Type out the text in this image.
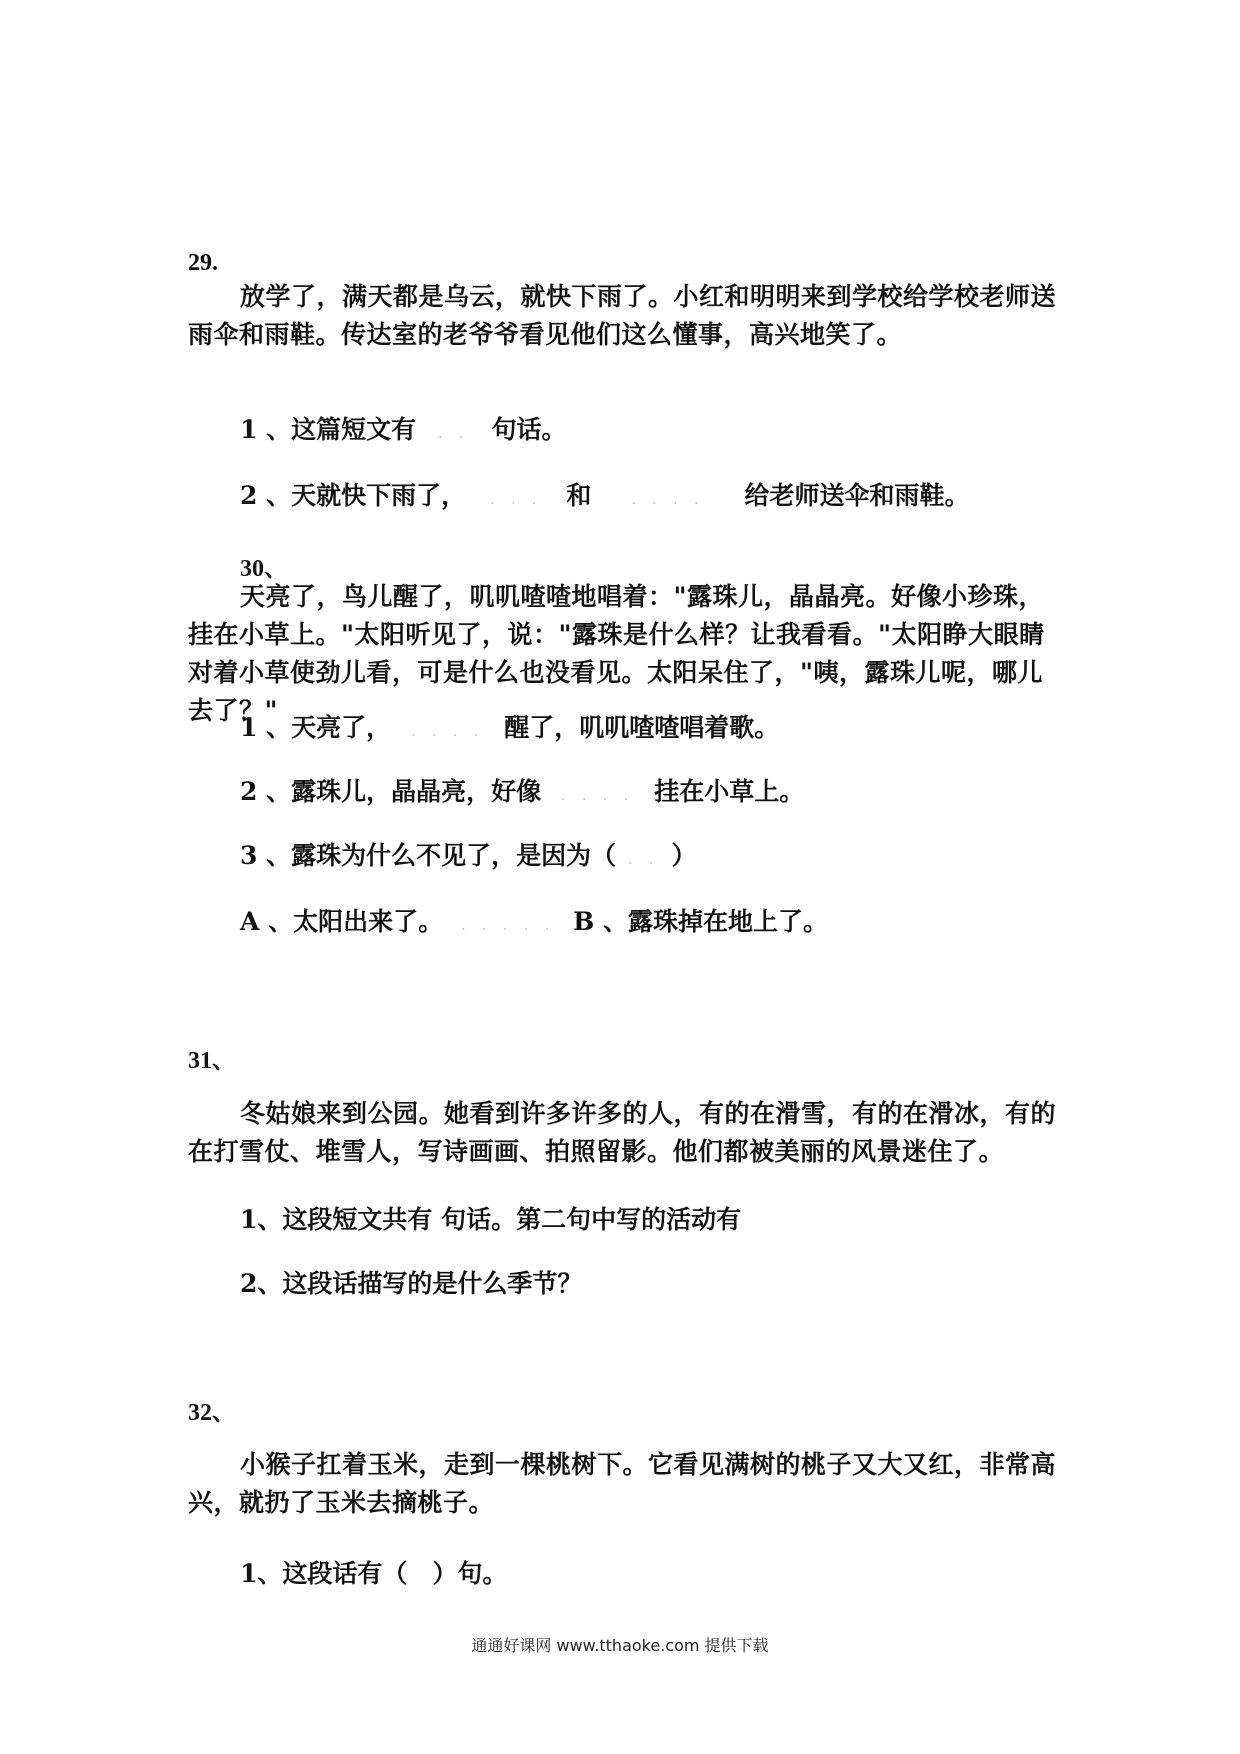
29.
放学了，满天都是乌云，就快下雨了。小红和明明来到学校给学校老师送雨伞和雨鞋。传达室的老爷爷看见他们这么懂事，高兴地笑了。
1 、这篇短文有 . . 句话。
2 、天就快下雨了， . . . 和	. . . . 给老师送伞和雨鞋。
30、
天亮了，鸟儿醒了，叽叽喳喳地唱着："露珠儿，晶晶亮。好像小珍珠，挂在小草上。"太阳听见了，说："露珠是什么样？让我看看。"太阳睁大眼睛对着小草使劲儿看，可是什么也没看见。太阳呆住了，"咦，露珠儿呢，哪儿去了？"
1 、天亮了， . . . . 醒了，叽叽喳喳唱着歌。
2 、露珠儿，晶晶亮，好像 . . . . 挂在小草上。
3 、露珠为什么不见了，是因为（ . . ）
A 、太阳出来了。 . . . . . B 、露珠掉在地上了。
31、
冬姑娘来到公园。她看到许多许多的人，有的在滑雪，有的在滑冰，有的在打雪仗、堆雪人，写诗画画、拍照留影。他们都被美丽的风景迷住了。
1、这段短文共有 句话。第二句中写的活动有
2、这段话描写的是什么季节？
32、
小猴子扛着玉米，走到一棵桃树下。它看见满树的桃子又大又红，非常高兴，就扔了玉米去摘桃子。
1、这段话有（　）句。
通通好课网 www.tthaoke.com 提供下载
